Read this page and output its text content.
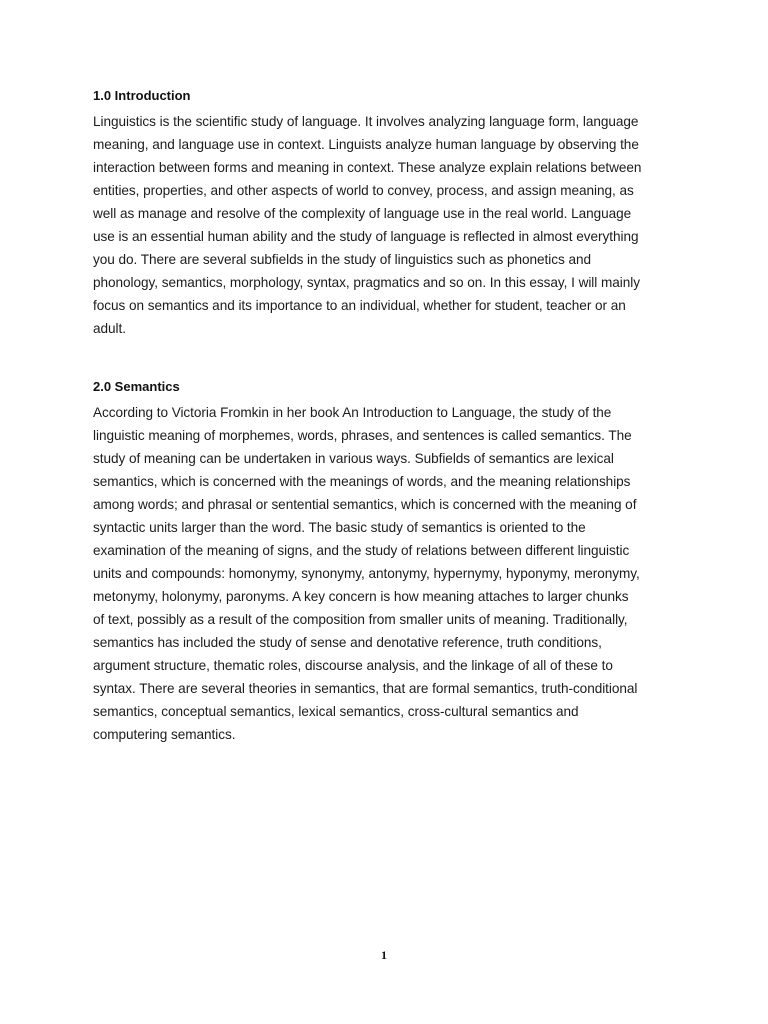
1.0 Introduction
Linguistics is the scientific study of language. It involves analyzing language form, language
meaning, and language use in context. Linguists analyze human language by observing the
interaction between forms and meaning in context. These analyze explain relations between
entities, properties, and other aspects of world to convey, process, and assign meaning, as
well as manage and resolve of the complexity of language use in the real world. Language
use is an essential human ability and the study of language is reflected in almost everything
you do. There are several subfields in the study of linguistics such as phonetics and
phonology, semantics, morphology, syntax, pragmatics and so on. In this essay, I will mainly
focus on semantics and its importance to an individual, whether for student, teacher or an
adult.
2.0 Semantics
According to Victoria Fromkin in her book An Introduction to Language, the study of the
linguistic meaning of morphemes, words, phrases, and sentences is called semantics. The
study of meaning can be undertaken in various ways. Subfields of semantics are lexical
semantics, which is concerned with the meanings of words, and the meaning relationships
among words; and phrasal or sentential semantics, which is concerned with the meaning of
syntactic units larger than the word. The basic study of semantics is oriented to the
examination of the meaning of signs, and the study of relations between different linguistic
units and compounds: homonymy, synonymy, antonymy, hypernymy, hyponymy, meronymy,
metonymy, holonymy, paronyms. A key concern is how meaning attaches to larger chunks
of text, possibly as a result of the composition from smaller units of meaning. Traditionally,
semantics has included the study of sense and denotative reference, truth conditions,
argument structure, thematic roles, discourse analysis, and the linkage of all of these to
syntax. There are several theories in semantics, that are formal semantics, truth-conditional
semantics, conceptual semantics, lexical semantics, cross-cultural semantics and
computering semantics.
1
